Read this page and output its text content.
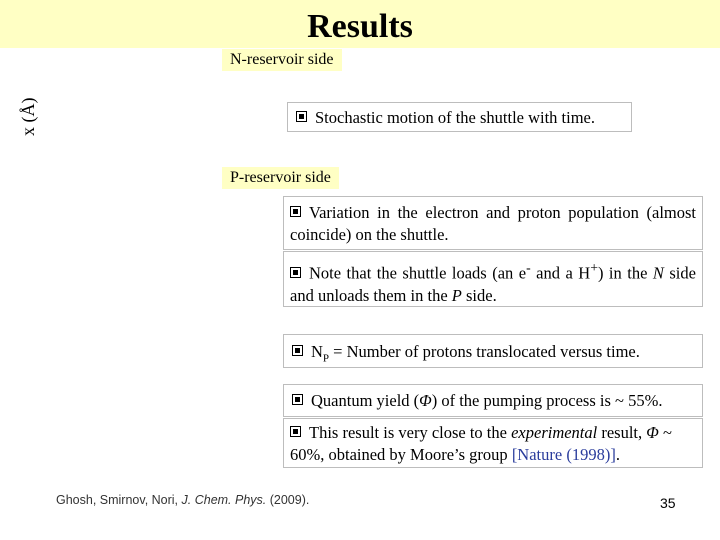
Results
N-reservoir side
x (Å)	Stochastic motion of the shuttle with time.
P-reservoir side
Variation in the electron and proton population (almost coincide) on the shuttle.
Note that the shuttle loads (an e- and a H+) in the N side and unloads them in the P side.
$N_P$ = Number of protons translocated versus time.
Quantum yield (Φ) of the pumping process is ~ 55%.
This result is very close to the experimental result, Φ ~ 60%, obtained by Moore’s group [Nature (1998)].
Ghosh, Smirnov, Nori, J. Chem. Phys. (2009).	35
